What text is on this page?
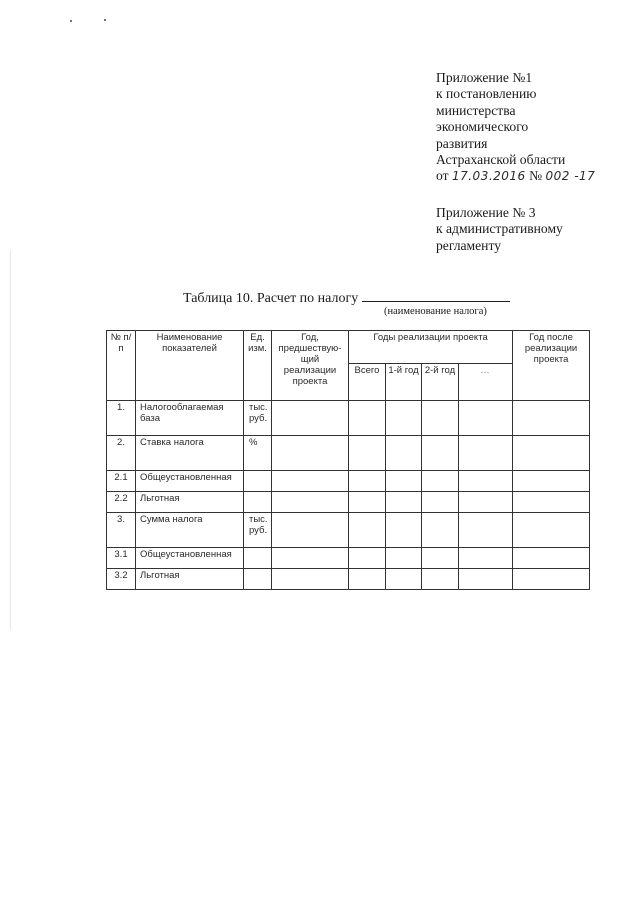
Приложение №1
к постановлению
министерства
экономического
развития
Астраханской области
от 17.03.2016 № 002 -17
Приложение № 3
к административному
регламенту
Таблица 10. Расчет по налогу
(наименование налога)
№ п/п	Наименование показателей	Ед. изм.	Год, предшествую-щий реализации проекта	Годы реализации проекта				Год после реализации проекта
				Всего	1-й год	2-й год	…	
1.	Налогооблагаемая база	тыс. руб.						
2.	Ставка налога	%						
2.1	Общеустановленная							
2.2	Льготная							
3.	Сумма налога	тыс. руб.						
3.1	Общеустановленная							
3.2	Льготная							
